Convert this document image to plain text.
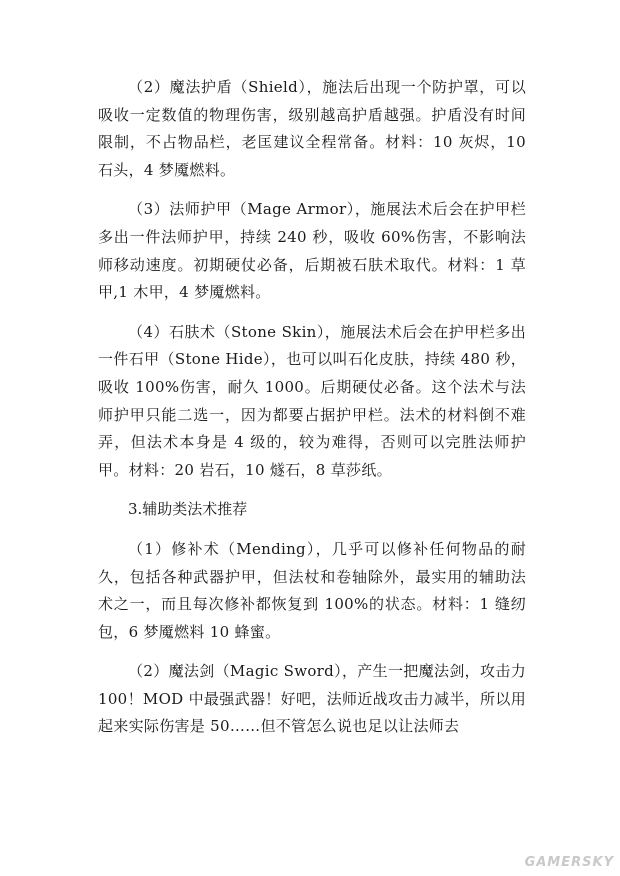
（2）魔法护盾（Shield），施法后出现一个防护罩，可以吸收一定数值的物理伤害，级别越高护盾越强。护盾没有时间限制，不占物品栏，老匡建议全程常备。材料：10 灰烬，10 石头，4 梦魇燃料。

（3）法师护甲（Mage Armor），施展法术后会在护甲栏多出一件法师护甲，持续 240 秒，吸收 60%伤害，不影响法师移动速度。初期硬仗必备，后期被石肤术取代。材料：1 草甲,1 木甲，4 梦魇燃料。

（4）石肤术（Stone Skin），施展法术后会在护甲栏多出一件石甲（Stone Hide），也可以叫石化皮肤，持续 480 秒，吸收 100%伤害，耐久 1000。后期硬仗必备。这个法术与法师护甲只能二选一，因为都要占据护甲栏。法术的材料倒不难弄，但法术本身是 4 级的，较为难得，否则可以完胜法师护甲。材料：20 岩石，10 燧石，8 草莎纸。

3.辅助类法术推荐

（1）修补术（Mending），几乎可以修补任何物品的耐久，包括各种武器护甲，但法杖和卷轴除外，最实用的辅助法术之一，而且每次修补都恢复到 100%的状态。材料：1 缝纫包，6 梦魇燃料 10 蜂蜜。

（2）魔法剑（Magic Sword），产生一把魔法剑，攻击力 100！MOD 中最强武器！好吧，法师近战攻击力减半，所以用起来实际伤害是 50……但不管怎么说也足以让法师去

GAMERSKY
